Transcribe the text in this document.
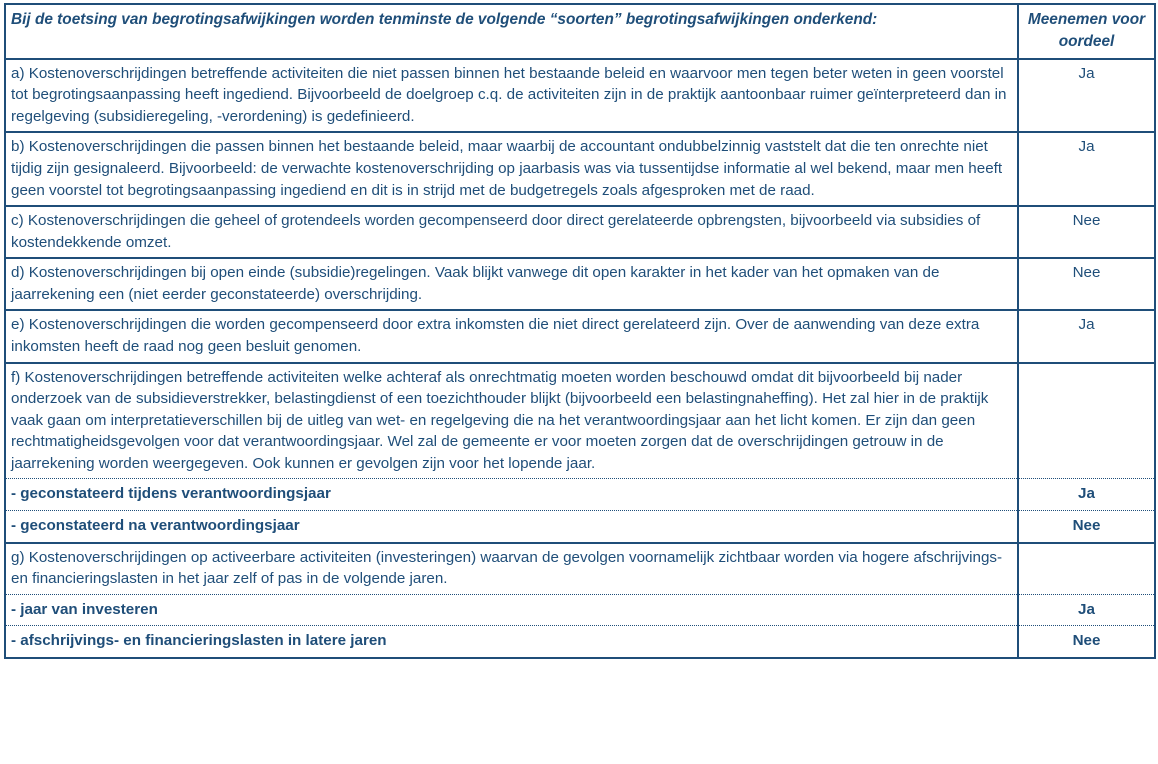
Bij de toetsing van begrotingsafwijkingen worden tenminste de volgende “soorten” begrotingsafwijkingen onderkend:	Meenemen voor oordeel
a) Kostenoverschrijdingen betreffende activiteiten die niet passen binnen het bestaande beleid en waarvoor men tegen beter weten in geen voorstel tot begrotingsaanpassing heeft ingediend. Bijvoorbeeld de doelgroep c.q. de activiteiten zijn in de praktijk aantoonbaar ruimer geïnterpreteerd dan in regelgeving (subsidieregeling, -verordening) is gedefinieerd.	Ja
b) Kostenoverschrijdingen die passen binnen het bestaande beleid, maar waarbij de accountant ondubbelzinnig vaststelt dat die ten onrechte niet tijdig zijn gesignaleerd. Bijvoorbeeld: de verwachte kostenoverschrijding op jaarbasis was via tussentijdse informatie al wel bekend, maar men heeft geen voorstel tot begrotingsaanpassing ingediend en dit is in strijd met de budgetregels zoals afgesproken met de raad.	Ja
c) Kostenoverschrijdingen die geheel of grotendeels worden gecompenseerd door direct gerelateerde opbrengsten, bijvoorbeeld via subsidies of kostendekkende omzet.	Nee
d) Kostenoverschrijdingen bij open einde (subsidie)regelingen. Vaak blijkt vanwege dit open karakter in het kader van het opmaken van de jaarrekening een (niet eerder geconstateerde) overschrijding.	Nee
e) Kostenoverschrijdingen die worden gecompenseerd door extra inkomsten die niet direct gerelateerd zijn. Over de aanwending van deze extra inkomsten heeft de raad nog geen besluit genomen.	Ja
f) Kostenoverschrijdingen betreffende activiteiten welke achteraf als onrechtmatig moeten worden beschouwd omdat dit bijvoorbeeld bij nader onderzoek van de subsidieverstrekker, belastingdienst of een toezichthouder blijkt (bijvoorbeeld een belastingnaheffing). Het zal hier in de praktijk vaak gaan om interpretatieverschillen bij de uitleg van wet- en regelgeving die na het verantwoordingsjaar aan het licht komen. Er zijn dan geen rechtmatigheidsgevolgen voor dat verantwoordingsjaar. Wel zal de gemeente er voor moeten zorgen dat de overschrijdingen getrouw in de jaarrekening worden weergegeven. Ook kunnen er gevolgen zijn voor het lopende jaar.	
- geconstateerd tijdens verantwoordingsjaar	Ja
- geconstateerd na verantwoordingsjaar	Nee
g) Kostenoverschrijdingen op activeerbare activiteiten (investeringen) waarvan de gevolgen voornamelijk zichtbaar worden via hogere afschrijvings- en financieringslasten in het jaar zelf of pas in de volgende jaren.	
- jaar van investeren	Ja
- afschrijvings- en financieringslasten in latere jaren	Nee
